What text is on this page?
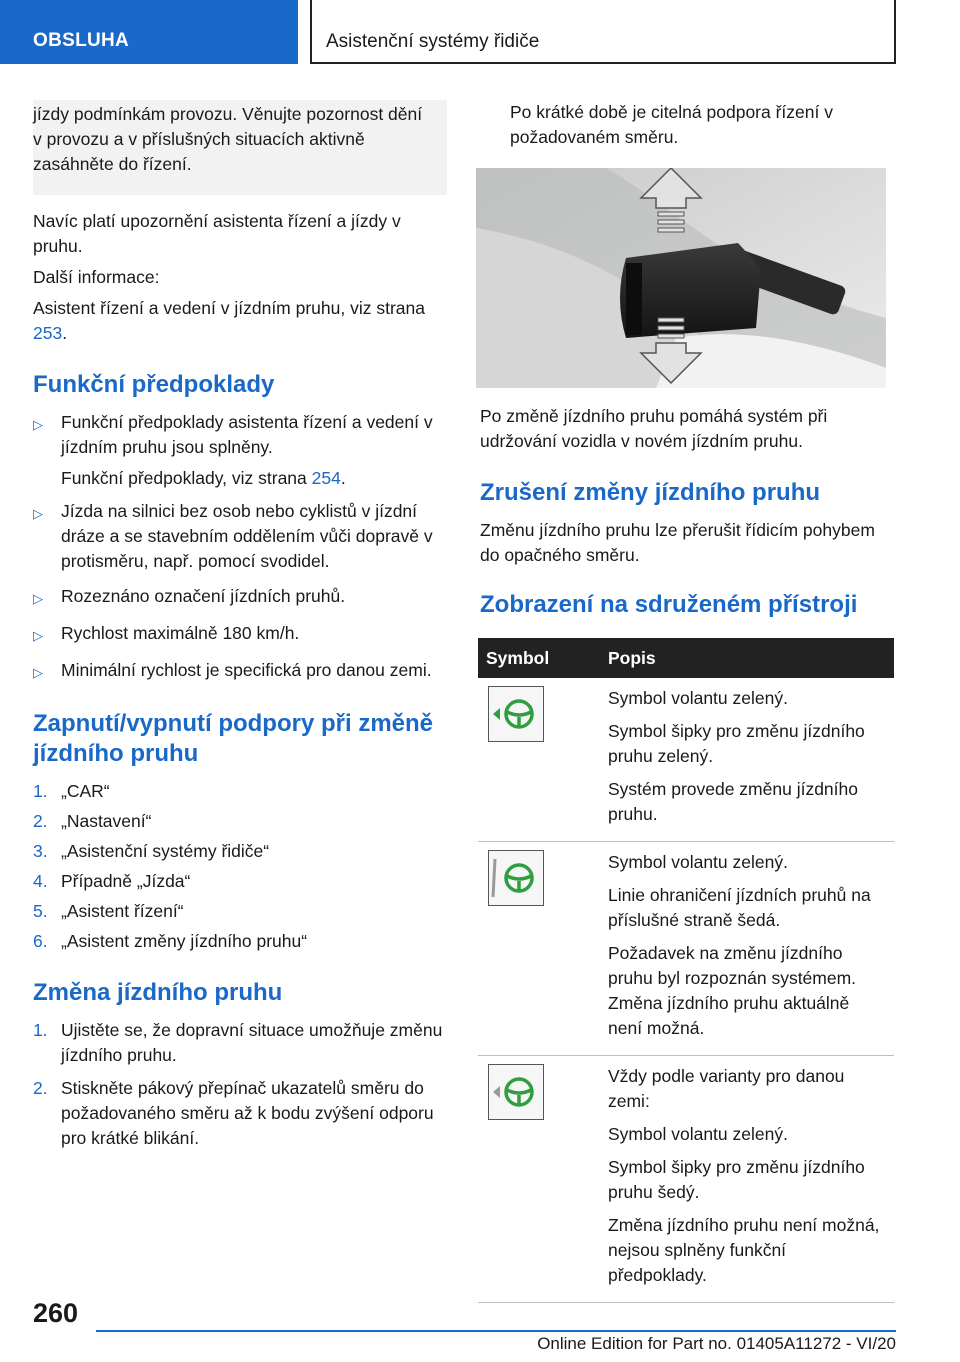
OBSLUHA	Asistenční systémy řidiče

jízdy podmínkám provozu. Věnujte pozornost dění v provozu a v příslušných situacích aktivně zasáhněte do řízení.

Navíc platí upozornění asistenta řízení a jízdy v pruhu.

Další informace:

Asistent řízení a vedení v jízdním pruhu, viz strana 253.

Funkční předpoklady
▷	Funkční předpoklady asistenta řízení a vedení v jízdním pruhu jsou splněny.

Funkční předpoklady, viz strana 254.

▷	Jízda na silnici bez osob nebo cyklistů v jízdní dráze a se stavebním oddělením vůči dopravě v protisměru, např. pomocí svodidel.
▷	Rozeznáno označení jízdních pruhů.
▷	Rychlost maximálně 180 km/h.
▷	Minimální rychlost je specifická pro danou zemi.
Zapnutí/vypnutí podpory při změně jízdního pruhu
1. „CAR“
2. „Nastavení“
3. „Asistenční systémy řidiče“
4. Případně „Jízda“
5. „Asistent řízení“
6. „Asistent změny jízdního pruhu“
Změna jízdního pruhu
1. Ujistěte se, že dopravní situace umožňuje změnu jízdního pruhu.
2. Stiskněte pákový přepínač ukazatelů směru do požadovaného směru až k bodu zvýšení odporu pro krátké blikání.

Po krátké době je citelná podpora řízení v požadovaném směru.

Po změně jízdního pruhu pomáhá systém při udržování vozidla v novém jízdním pruhu.

Zrušení změny jízdního pruhu

Změnu jízdního pruhu lze přerušit řídicím pohybem do opačného směru.

Zobrazení na sdruženém přístroji
Symbol	Popis

Symbol volantu zelený.

Symbol šipky pro změnu jízdního pruhu zelený.

Systém provede změnu jízdního pruhu.

Symbol volantu zelený.

Linie ohraničení jízdních pruhů na příslušné straně šedá.

Požadavek na změnu jízdního pruhu byl rozpoznán systémem. Změna jízdního pruhu aktuálně není možná.

Vždy podle varianty pro danou zemi:

Symbol volantu zelený.

Symbol šipky pro změnu jízdního pruhu šedý.

Změna jízdního pruhu není možná, nejsou splněny funkční předpoklady.

260
Online Edition for Part no. 01405A11272 - VI/20
